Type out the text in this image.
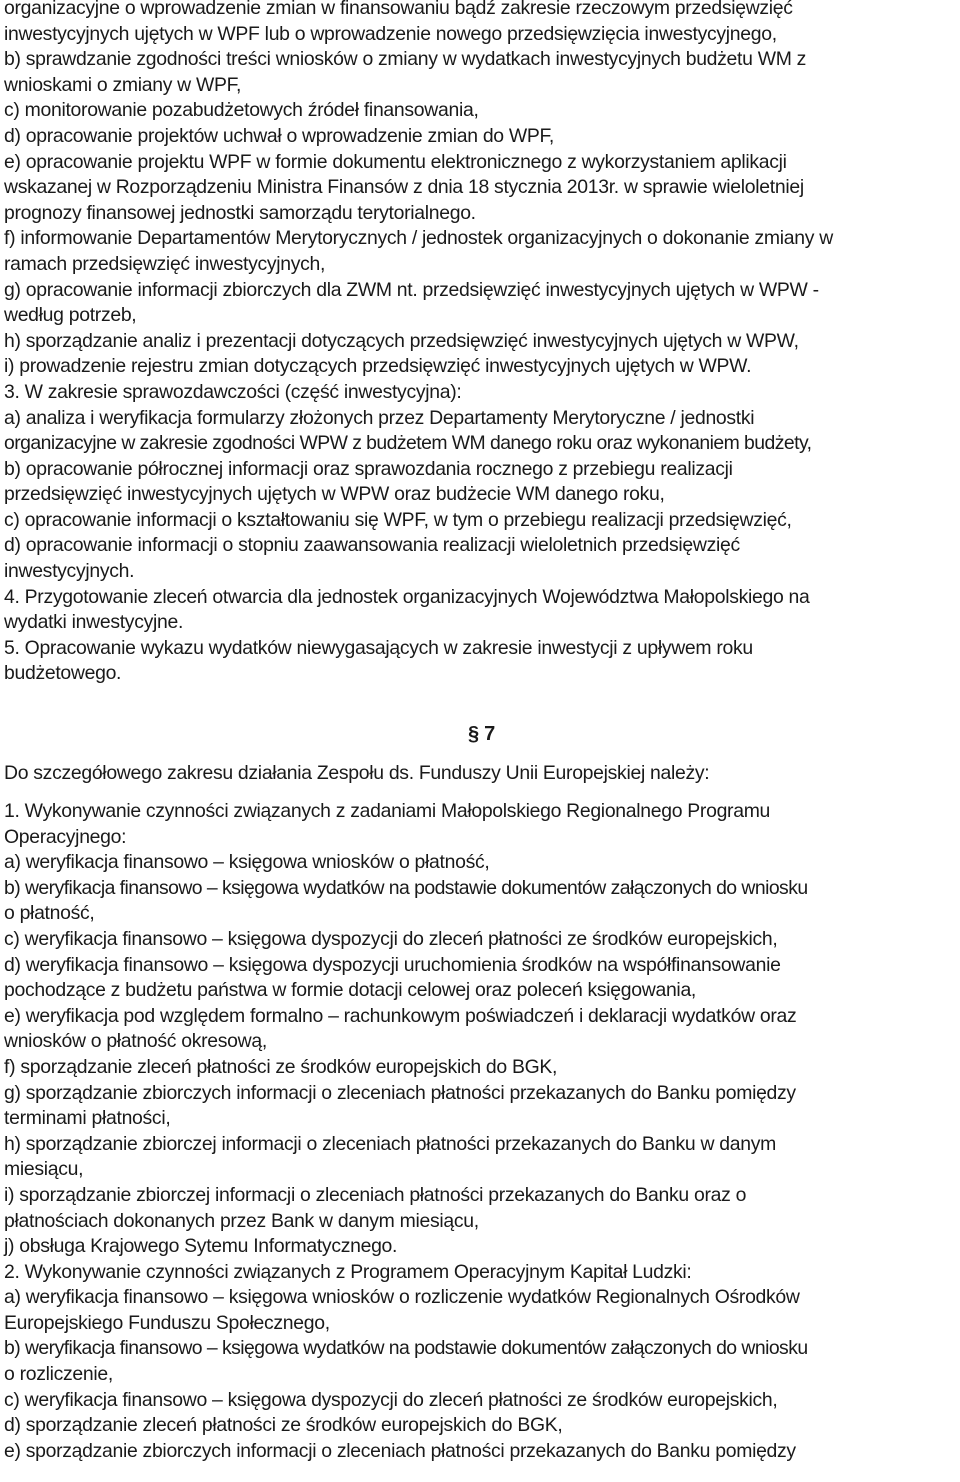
organizacyjne o wprowadzenie zmian w finansowaniu bądź zakresie rzeczowym przedsięwzięć
inwestycyjnych ujętych w WPF lub o wprowadzenie nowego przedsięwzięcia inwestycyjnego,
b) sprawdzanie zgodności treści wniosków o zmiany w wydatkach inwestycyjnych budżetu WM z
wnioskami o zmiany w WPF,
c) monitorowanie pozabudżetowych źródeł finansowania,
d) opracowanie projektów uchwał o wprowadzenie zmian do WPF,
e) opracowanie projektu WPF w formie dokumentu elektronicznego z wykorzystaniem aplikacji
wskazanej w Rozporządzeniu Ministra Finansów z dnia 18 stycznia 2013r. w sprawie wieloletniej
prognozy finansowej jednostki samorządu terytorialnego.
f) informowanie Departamentów Merytorycznych / jednostek organizacyjnych o dokonanie zmiany w
ramach przedsięwzięć inwestycyjnych,
g) opracowanie informacji zbiorczych dla ZWM nt. przedsięwzięć inwestycyjnych ujętych w WPW -
według potrzeb,
h) sporządzanie analiz i prezentacji dotyczących przedsięwzięć inwestycyjnych ujętych w WPW,
i) prowadzenie rejestru zmian dotyczących przedsięwzięć inwestycyjnych ujętych w WPW.
3. W zakresie sprawozdawczości (część inwestycyjna):
a) analiza i weryfikacja formularzy złożonych przez Departamenty Merytoryczne / jednostki
organizacyjne w zakresie zgodności WPW z budżetem WM danego roku oraz wykonaniem budżety,
b) opracowanie półrocznej informacji oraz sprawozdania rocznego z przebiegu realizacji
przedsięwzięć inwestycyjnych ujętych w WPW oraz budżecie WM danego roku,
c) opracowanie informacji o kształtowaniu się WPF, w tym o przebiegu realizacji przedsięwzięć,
d) opracowanie informacji o stopniu zaawansowania realizacji wieloletnich przedsięwzięć
inwestycyjnych.
4. Przygotowanie zleceń otwarcia dla jednostek organizacyjnych Województwa Małopolskiego na
wydatki inwestycyjne.
5. Opracowanie wykazu wydatków niewygasających w zakresie inwestycji z upływem roku
budżetowego.
§ 7
Do szczegółowego zakresu działania Zespołu ds. Funduszy Unii Europejskiej należy:
1. Wykonywanie czynności związanych z zadaniami Małopolskiego Regionalnego Programu
Operacyjnego:
a) weryfikacja finansowo – księgowa wniosków o płatność,
b) weryfikacja finansowo – księgowa wydatków na podstawie dokumentów załączonych do wniosku
o płatność,
c) weryfikacja finansowo – księgowa dyspozycji do zleceń płatności ze środków europejskich,
d) weryfikacja finansowo – księgowa dyspozycji uruchomienia środków na współfinansowanie
pochodzące z budżetu państwa w formie dotacji celowej oraz poleceń księgowania,
e) weryfikacja pod względem formalno – rachunkowym poświadczeń i deklaracji wydatków oraz
wniosków o płatność okresową,
f) sporządzanie zleceń płatności ze środków europejskich do BGK,
g) sporządzanie zbiorczych informacji o zleceniach płatności przekazanych do Banku pomiędzy
terminami płatności,
h) sporządzanie zbiorczej informacji o zleceniach płatności przekazanych do Banku w danym
miesiącu,
i) sporządzanie zbiorczej informacji o zleceniach płatności przekazanych do Banku oraz o
płatnościach dokonanych przez Bank w danym miesiącu,
j) obsługa Krajowego Sytemu Informatycznego.
2. Wykonywanie czynności związanych z Programem Operacyjnym Kapitał Ludzki:
a) weryfikacja finansowo – księgowa wniosków o rozliczenie wydatków Regionalnych Ośrodków
Europejskiego Funduszu Społecznego,
b) weryfikacja finansowo – księgowa wydatków na podstawie dokumentów załączonych do wniosku
o rozliczenie,
c) weryfikacja finansowo – księgowa dyspozycji do zleceń płatności ze środków europejskich,
d) sporządzanie zleceń płatności ze środków europejskich do BGK,
e) sporządzanie zbiorczych informacji o zleceniach płatności przekazanych do Banku pomiędzy
